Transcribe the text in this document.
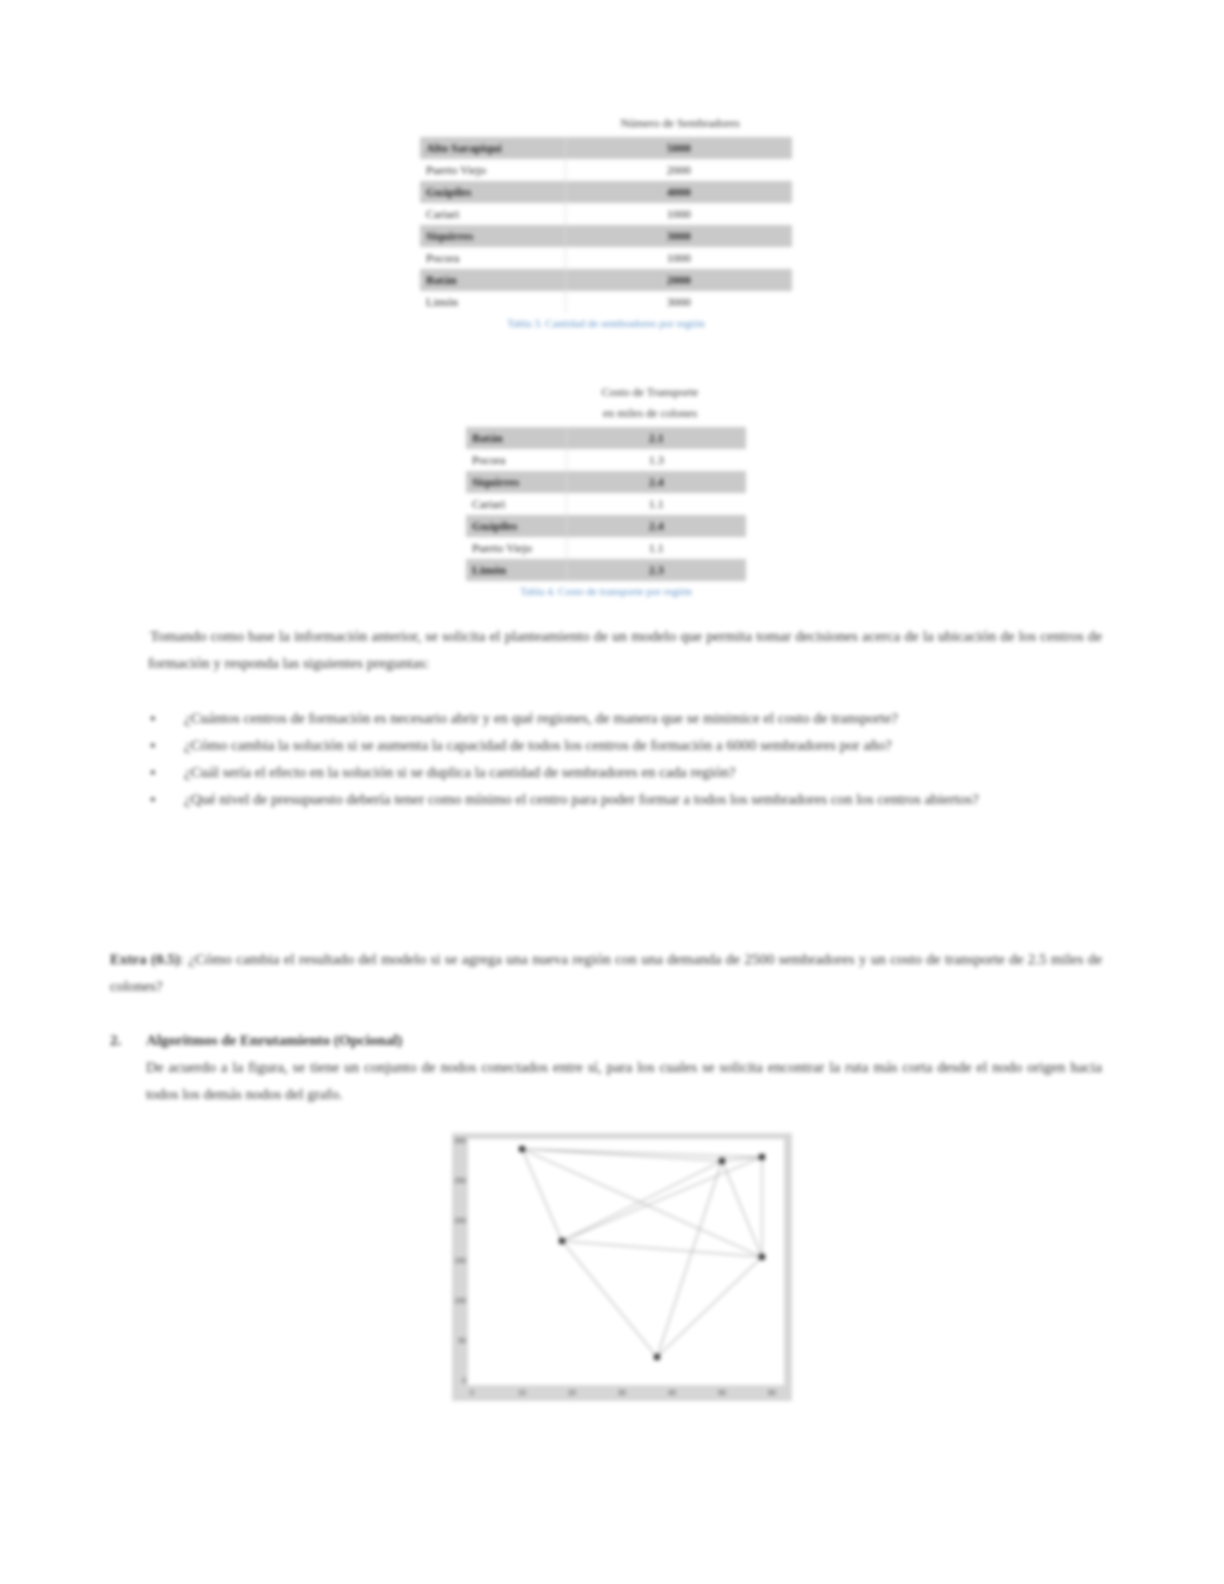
Número de Sembradores
Alto Sarapiquí	5000
Puerto Viejo	2000
Guápiles	4000
Cariari	1000
Siquirres	3000
Pocora	1000
Batán	2000
Limón	3000
Tabla 3. Cantidad de sembradores por región
Costo de Transporte
en miles de colones
Batán	2.1
Pocora	1.3
Siquirres	2.4
Cariari	1.1
Guápiles	2.4
Puerto Viejo	1.1
Limón	2.3
Tabla 4. Costo de transporte por región
Tomando como base la información anterior, se solicita el planteamiento de un modelo que permita tomar decisiones acerca de la ubicación de los centros de formación y responda las siguientes preguntas:
• ¿Cuántos centros de formación es necesario abrir y en qué regiones, de manera que se minimice el costo de transporte?
• ¿Cómo cambia la solución si se aumenta la capacidad de todos los centros de formación a 6000 sembradores por año?
• ¿Cuál sería el efecto en la solución si se duplica la cantidad de sembradores en cada región?
• ¿Qué nivel de presupuesto debería tener como mínimo el centro para poder formar a todos los sembradores con los centros abiertos?
Extra (0.5): ¿Cómo cambia el resultado del modelo si se agrega una nueva región con una demanda de 2500 sembradores y un costo de transporte de 2.5 miles de colones?
2. Algoritmos de Enrutamiento (Opcional)
De acuerdo a la figura, se tiene un conjunto de nodos conectados entre sí, para los cuales se solicita encontrar la ruta más corta desde el nodo origen hacia todos los demás nodos del grafo.
0	10	20	30	40	50	60
0
50
100
150
200
250
300
